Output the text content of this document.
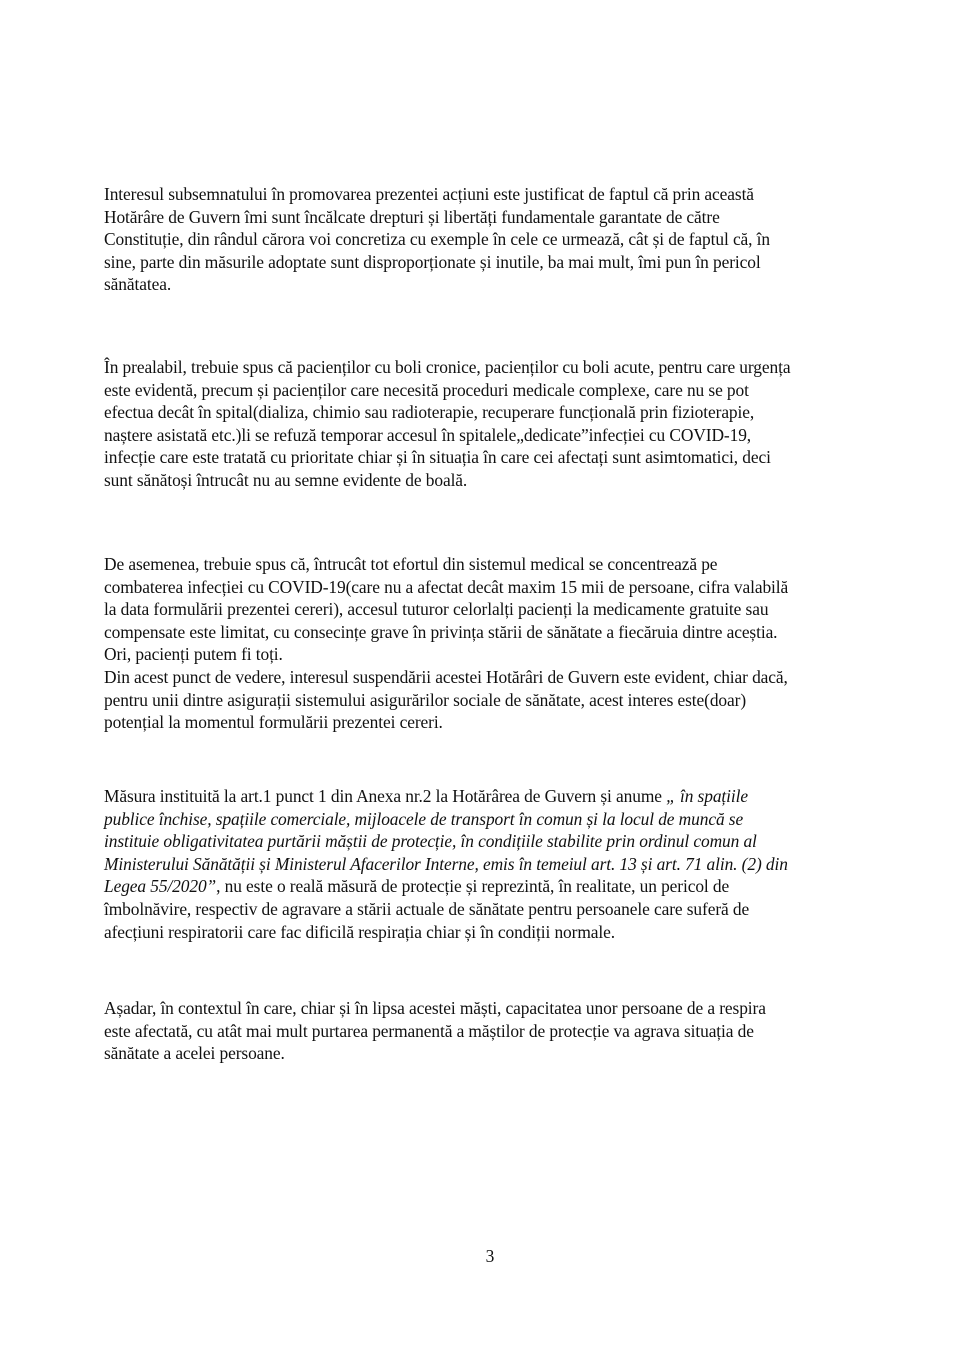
Interesul subsemnatului în promovarea prezentei acțiuni este justificat de faptul că prin această
Hotărâre de Guvern îmi sunt încălcate drepturi și libertăți fundamentale garantate de către
Constituție, din rândul cărora voi concretiza cu exemple în cele ce urmează, cât și de faptul că, în
sine, parte din măsurile adoptate sunt disproporționate și inutile, ba mai mult, îmi pun în pericol
sănătatea.

În prealabil, trebuie spus că pacienților cu boli cronice, pacienților cu boli acute, pentru care urgența
este evidentă, precum și pacienților care necesită proceduri medicale complexe, care nu se pot
efectua decât în spital(dializa, chimio sau radioterapie, recuperare funcțională prin fizioterapie,
naștere asistată etc.)li se refuză temporar accesul în spitalele„dedicate”infecției cu COVID-19,
infecție care este tratată cu prioritate chiar și în situația în care cei afectați sunt asimtomatici, deci
sunt sănătoși întrucât nu au semne evidente de boală.

De asemenea, trebuie spus că, întrucât tot efortul din sistemul medical se concentrează pe
combaterea infecției cu COVID-19(care nu a afectat decât maxim 15 mii de persoane, cifra valabilă
la data formulării prezentei cereri), accesul tuturor celorlalți pacienți la medicamente gratuite sau
compensate este limitat, cu consecințe grave în privința stării de sănătate a fiecăruia dintre aceștia.
Ori, pacienți putem fi toți.
Din acest punct de vedere, interesul suspendării acestei Hotărâri de Guvern este evident, chiar dacă,
pentru unii dintre asigurații sistemului asigurărilor sociale de sănătate, acest interes este(doar)
potențial la momentul formulării prezentei cereri.

Măsura instituită la art.1 punct 1 din Anexa nr.2 la Hotărârea de Guvern și anume „ în spațiile
publice închise, spațiile comerciale, mijloacele de transport în comun și la locul de muncă se
instituie obligativitatea purtării măștii de protecție, în condițiile stabilite prin ordinul comun al
Ministerului Sănătății și Ministerul Afacerilor Interne, emis în temeiul art. 13 și art. 71 alin. (2) din
Legea 55/2020”, nu este o reală măsură de protecție și reprezintă, în realitate, un pericol de
îmbolnăvire, respectiv de agravare a stării actuale de sănătate pentru persoanele care suferă de
afecțiuni respiratorii care fac dificilă respirația chiar și în condiții normale.

Așadar, în contextul în care, chiar și în lipsa acestei măști, capacitatea unor persoane de a respira
este afectată, cu atât mai mult purtarea permanentă a măștilor de protecție va agrava situația de
sănătate a acelei persoane.

3
